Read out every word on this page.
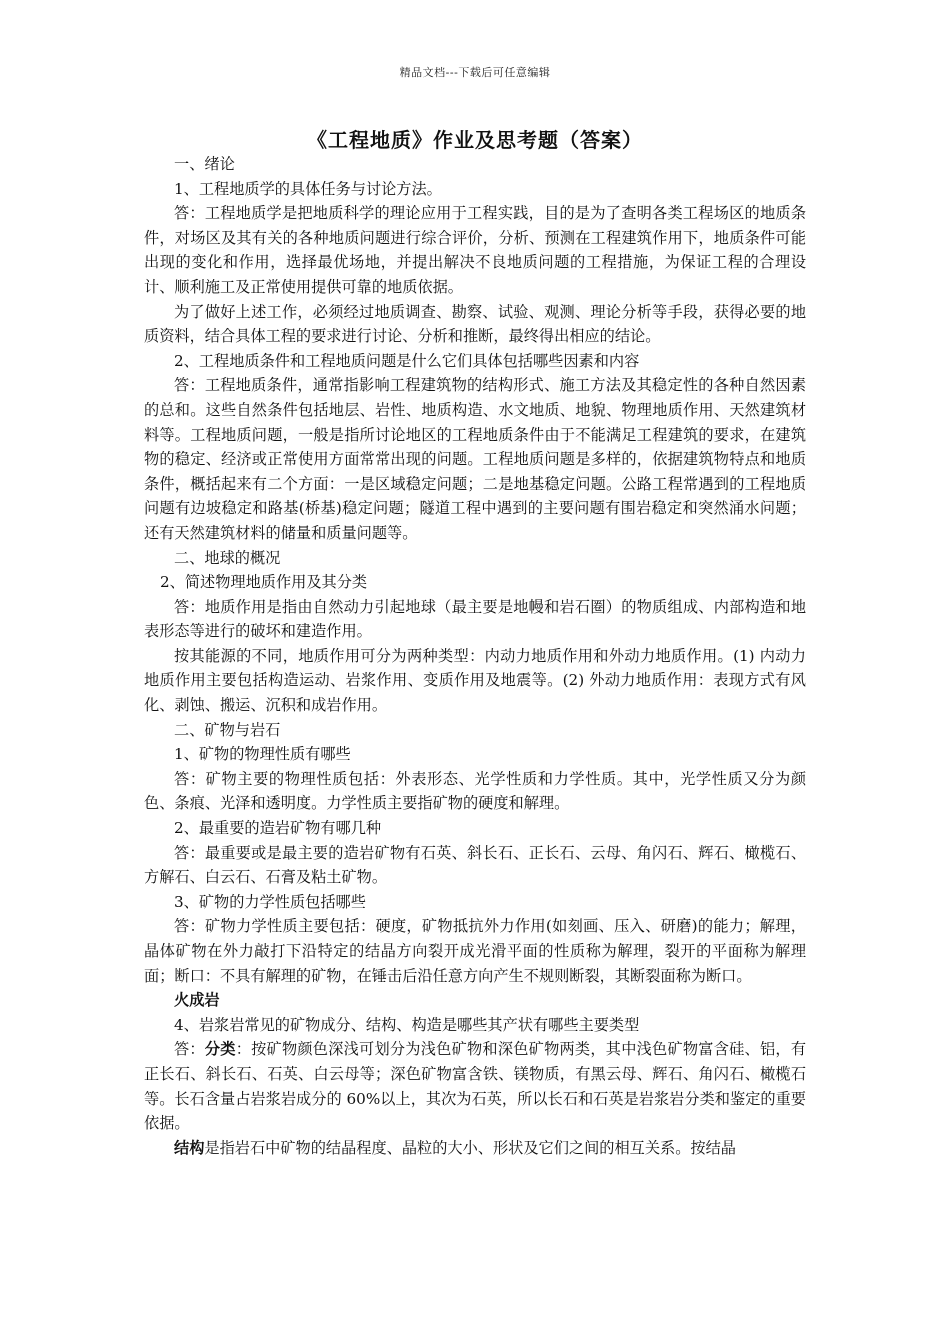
精品文档---下载后可任意编辑
《工程地质》作业及思考题（答案）

一、绪论

1、工程地质学的具体任务与讨论方法。

答：工程地质学是把地质科学的理论应用于工程实践，目的是为了查明各类工程场区的地质条件，对场区及其有关的各种地质问题进行综合评价，分析、预测在工程建筑作用下，地质条件可能出现的变化和作用，选择最优场地，并提出解决不良地质问题的工程措施，为保证工程的合理设计、顺利施工及正常使用提供可靠的地质依据。

为了做好上述工作，必须经过地质调查、勘察、试验、观测、理论分析等手段，获得必要的地质资料，结合具体工程的要求进行讨论、分析和推断，最终得出相应的结论。

2、工程地质条件和工程地质问题是什么它们具体包括哪些因素和内容

答：工程地质条件，通常指影响工程建筑物的结构形式、施工方法及其稳定性的各种自然因素的总和。这些自然条件包括地层、岩性、地质构造、水文地质、地貌、物理地质作用、天然建筑材料等。工程地质问题，一般是指所讨论地区的工程地质条件由于不能满足工程建筑的要求，在建筑物的稳定、经济或正常使用方面常常出现的问题。工程地质问题是多样的，依据建筑物特点和地质条件，概括起来有二个方面：一是区域稳定问题；二是地基稳定问题。公路工程常遇到的工程地质问题有边坡稳定和路基(桥基)稳定问题；隧道工程中遇到的主要问题有围岩稳定和突然涌水问题；还有天然建筑材料的储量和质量问题等。

二、地球的概况

2、简述物理地质作用及其分类

答：地质作用是指由自然动力引起地球（最主要是地幔和岩石圈）的物质组成、内部构造和地表形态等进行的破坏和建造作用。

按其能源的不同，地质作用可分为两种类型：内动力地质作用和外动力地质作用。(1) 内动力地质作用主要包括构造运动、岩浆作用、变质作用及地震等。(2) 外动力地质作用：表现方式有风化、剥蚀、搬运、沉积和成岩作用。

二、矿物与岩石

1、矿物的物理性质有哪些

答：矿物主要的物理性质包括：外表形态、光学性质和力学性质。其中，光学性质又分为颜色、条痕、光泽和透明度。力学性质主要指矿物的硬度和解理。

2、最重要的造岩矿物有哪几种

答：最重要或是最主要的造岩矿物有石英、斜长石、正长石、云母、角闪石、辉石、橄榄石、方解石、白云石、石膏及粘土矿物。

3、矿物的力学性质包括哪些

答：矿物力学性质主要包括：硬度，矿物抵抗外力作用(如刻画、压入、研磨)的能力；解理，晶体矿物在外力敲打下沿特定的结晶方向裂开成光滑平面的性质称为解理，裂开的平面称为解理面；断口：不具有解理的矿物，在锤击后沿任意方向产生不规则断裂，其断裂面称为断口。

火成岩

4、岩浆岩常见的矿物成分、结构、构造是哪些其产状有哪些主要类型

答：分类：按矿物颜色深浅可划分为浅色矿物和深色矿物两类，其中浅色矿物富含硅、铝，有正长石、斜长石、石英、白云母等；深色矿物富含铁、镁物质，有黑云母、辉石、角闪石、橄榄石等。长石含量占岩浆岩成分的 60%以上，其次为石英，所以长石和石英是岩浆岩分类和鉴定的重要依据。

结构是指岩石中矿物的结晶程度、晶粒的大小、形状及它们之间的相互关系。按结晶
